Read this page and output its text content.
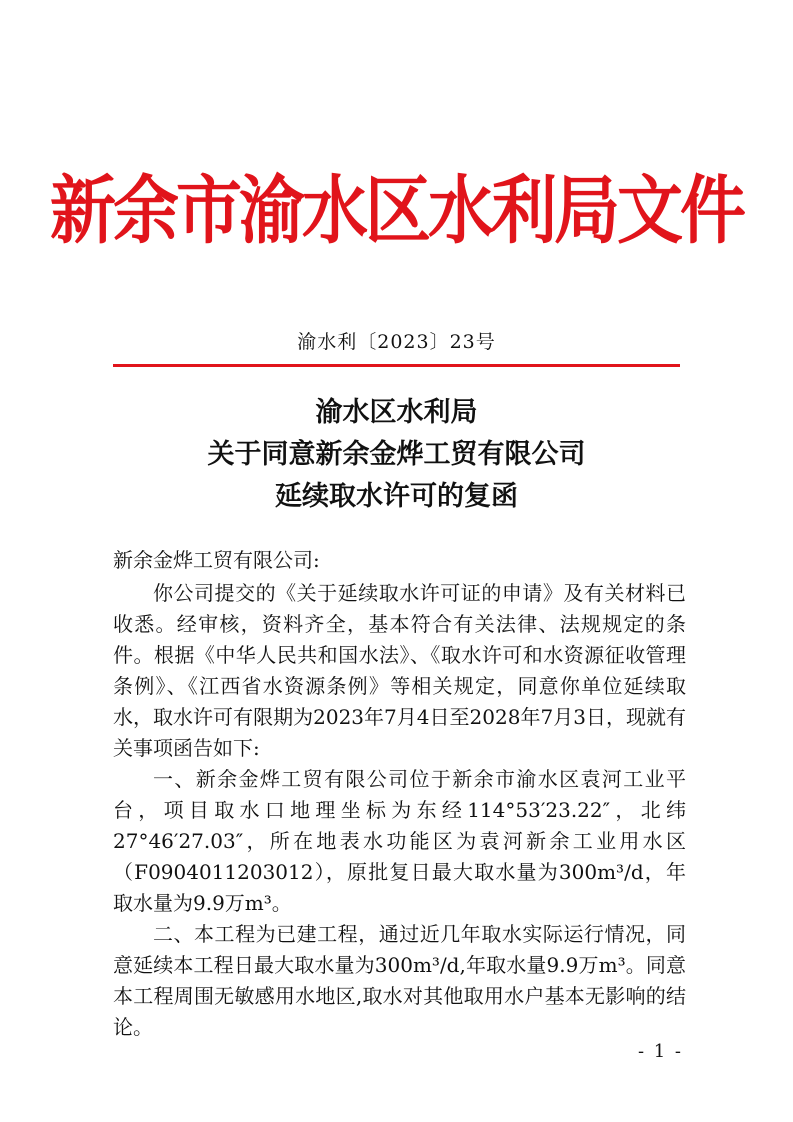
新余市渝水区水利局文件
渝水利〔2023〕23号
渝水区水利局
关于同意新余金烨工贸有限公司
延续取水许可的复函

新余金烨工贸有限公司:

你公司提交的《关于延续取水许可证的申请》及有关材料已收悉。经审核，资料齐全，基本符合有关法律、法规规定的条件。根据《中华人民共和国水法》、《取水许可和水资源征收管理条例》、《江西省水资源条例》等相关规定，同意你单位延续取水，取水许可有限期为2023年7月4日至2028年7月3日，现就有关事项函告如下:

一、新余金烨工贸有限公司位于新余市渝水区袁河工业平台，项目取水口地理坐标为东经114°53′23.22″，北纬27°46′27.03″，所在地表水功能区为袁河新余工业用水区（F0904011203012），原批复日最大取水量为300m³/d，年取水量为9.9万m³。

二、本工程为已建工程，通过近几年取水实际运行情况，同意延续本工程日最大取水量为300m³/d,年取水量9.9万m³。同意本工程周围无敏感用水地区,取水对其他取用水户基本无影响的结论。

- 1 -
